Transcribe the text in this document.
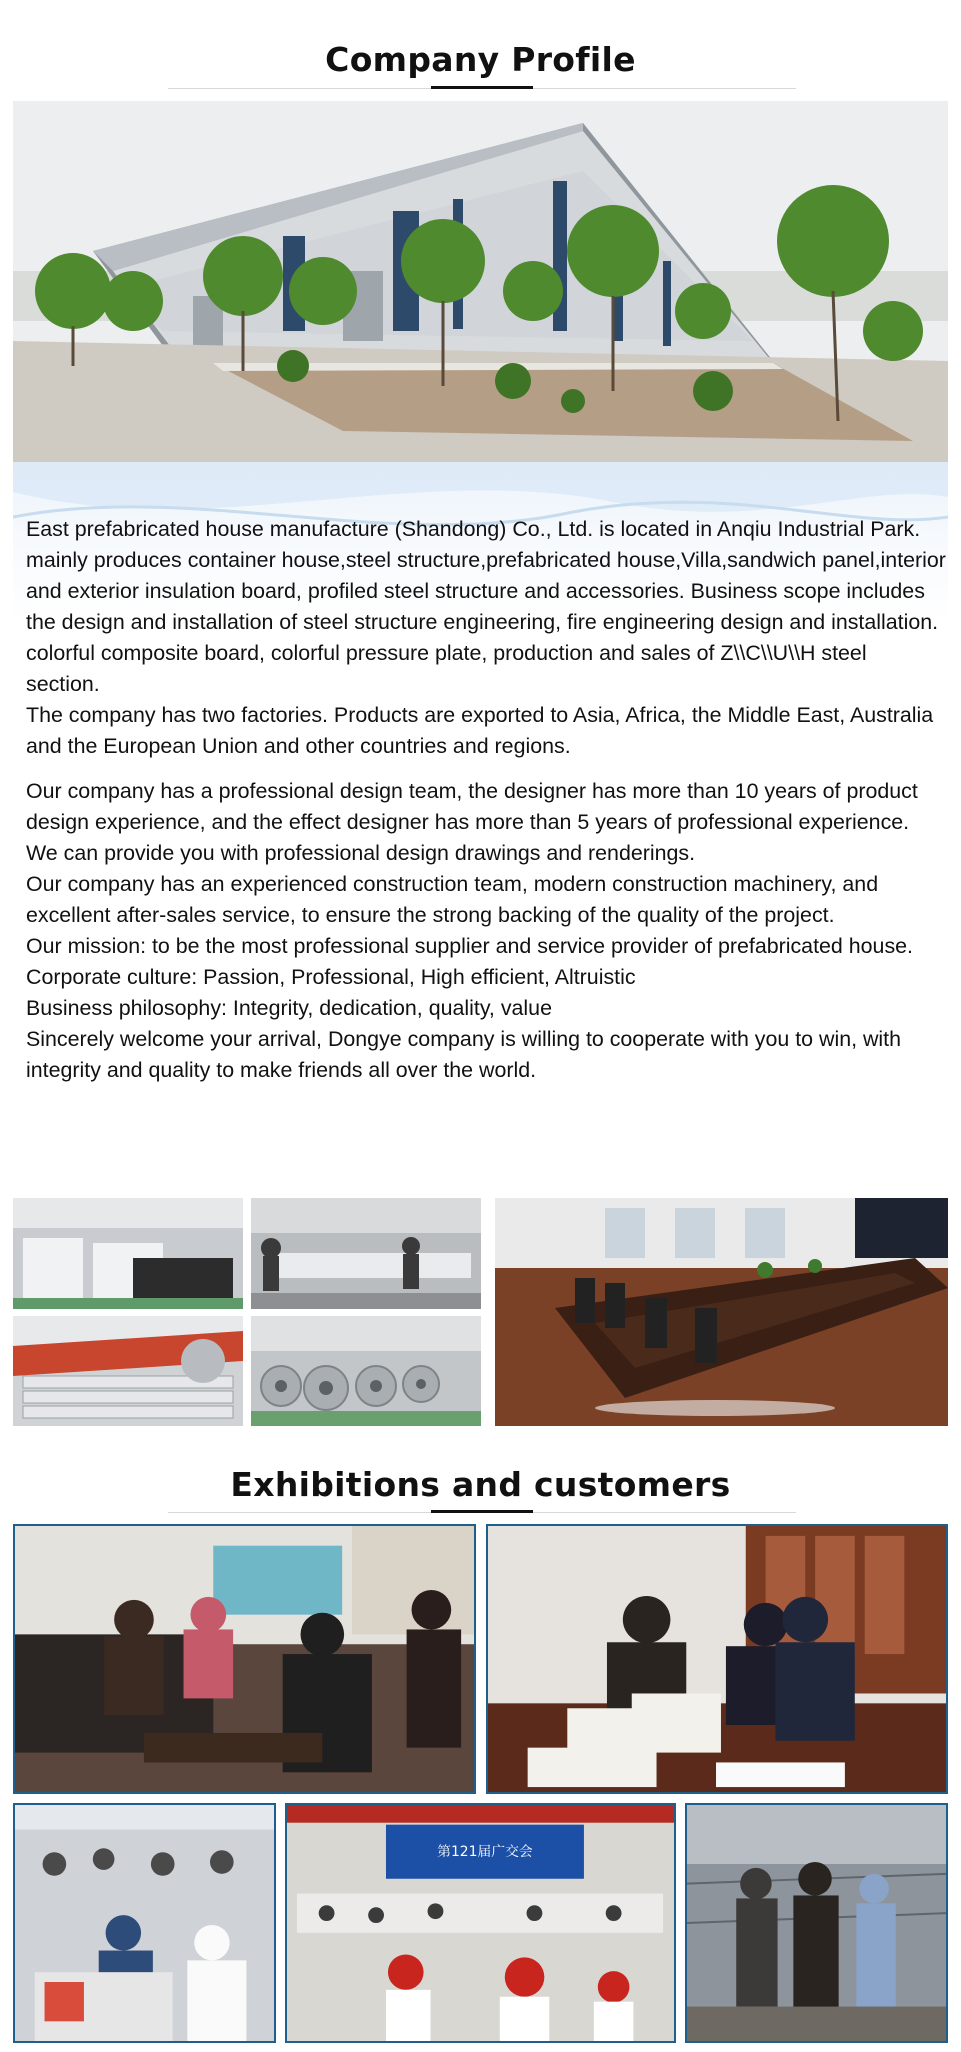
Company Profile

East prefabricated house manufacture (Shandong) Co., Ltd. is located in Anqiu Industrial Park. mainly produces container house,steel structure,prefabricated house,Villa,sandwich panel,interior and exterior insulation board, profiled steel structure and accessories. Business scope includes the design and installation of steel structure engineering, fire engineering design and installation. colorful composite board, colorful pressure plate, production and sales of Z\\C\\U\\H steel section.

The company has two factories. Products are exported to Asia, Africa, the Middle East, Australia and the European Union and other countries and regions.

Our company has a professional design team, the designer has more than 10 years of product design experience, and the effect designer has more than 5 years of professional experience. We can provide you with professional design drawings and renderings.

Our company has an experienced construction team, modern construction machinery, and excellent after-sales service, to ensure the strong backing of the quality of the project.

Our mission: to be the most professional supplier and service provider of prefabricated house.

Corporate culture: Passion, Professional, High efficient, Altruistic

Business philosophy: Integrity, dedication, quality, value

Sincerely welcome your arrival, Dongye company is willing to cooperate with you to win, with integrity and quality to make friends all over the world.

Exhibitions and customers
第121届广交会
